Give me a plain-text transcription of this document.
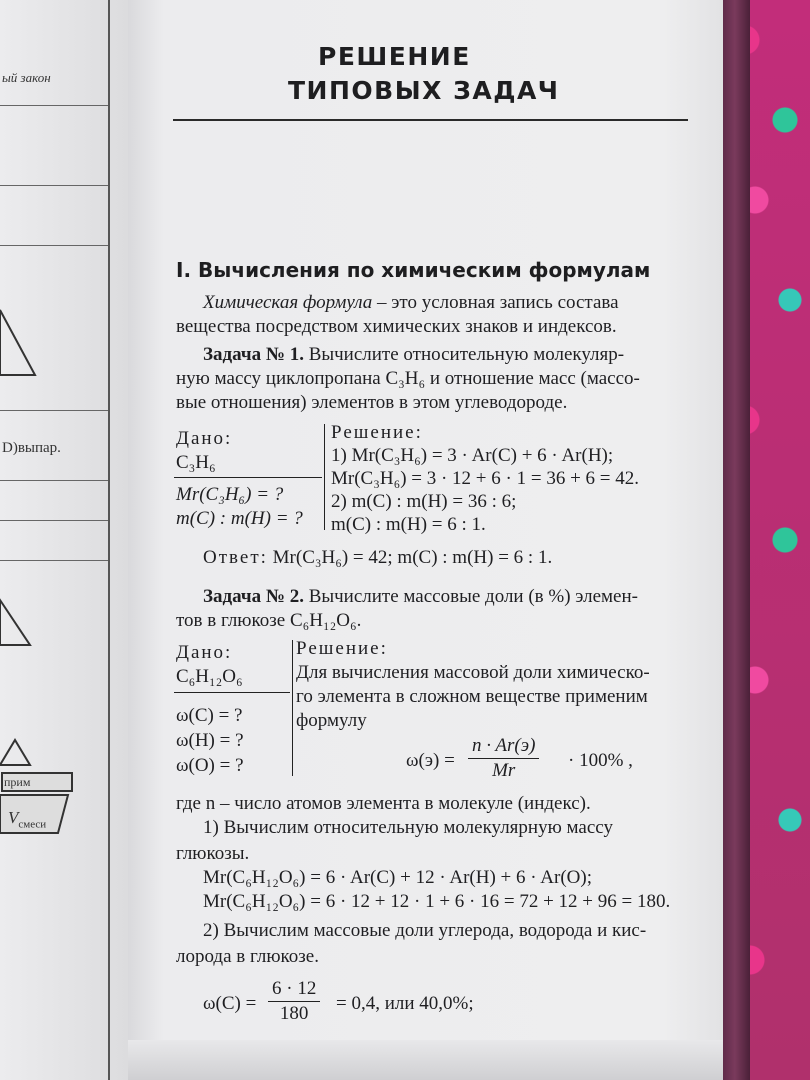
ый закон
D)выпар.
прим
$V_{смеси}$
РЕШЕНИЕ
ТИПОВЫХ ЗАДАЧ
I. Вычисления по химическим формулам
Химическая формула – это условная запись состава
вещества посредством химических знаков и индексов.
Задача № 1. Вычислите относительную молекуляр-
ную массу циклопропана C₃H₆ и отношение масс (массо-
вые отношения) элементов в этом углеводороде.
Дано:
C₃H₆
Mr(C₃H₆) = ?
m(C) : m(H) = ?
Решение:
1) Mr(C₃H₆) = 3 · Ar(C) + 6 · Ar(H);
Mr(C₃H₆) = 3 · 12 + 6 · 1 = 36 + 6 = 42.
2) m(C) : m(H) = 36 : 6;
m(C) : m(H) = 6 : 1.
Ответ: Mr(C₃H₆) = 42; m(C) : m(H) = 6 : 1.
Задача № 2. Вычислите массовые доли (в %) элемен-
тов в глюкозе C₆H₁₂O₆.
Дано:
C₆H₁₂O₆
ω(C) = ?
ω(H) = ?
ω(O) = ?
Решение:
Для вычисления массовой доли химическо-
го элемента в сложном веществе применим
формулу
ω(э) =
n · Ar(э)
Mr	· 100% ,
где n – число атомов элемента в молекуле (индекс).
1) Вычислим относительную молекулярную массу
глюкозы.
Mr(C₆H₁₂O₆) = 6 · Ar(C) + 12 · Ar(H) + 6 · Ar(O);
Mr(C₆H₁₂O₆) = 6 · 12 + 12 · 1 + 6 · 16 = 72 + 12 + 96 = 180.
2) Вычислим массовые доли углерода, водорода и кис-
лорода в глюкозе.
$\omega(C) = \frac{6 \cdot 12}{180} = 0,4$, или 40,0%;
